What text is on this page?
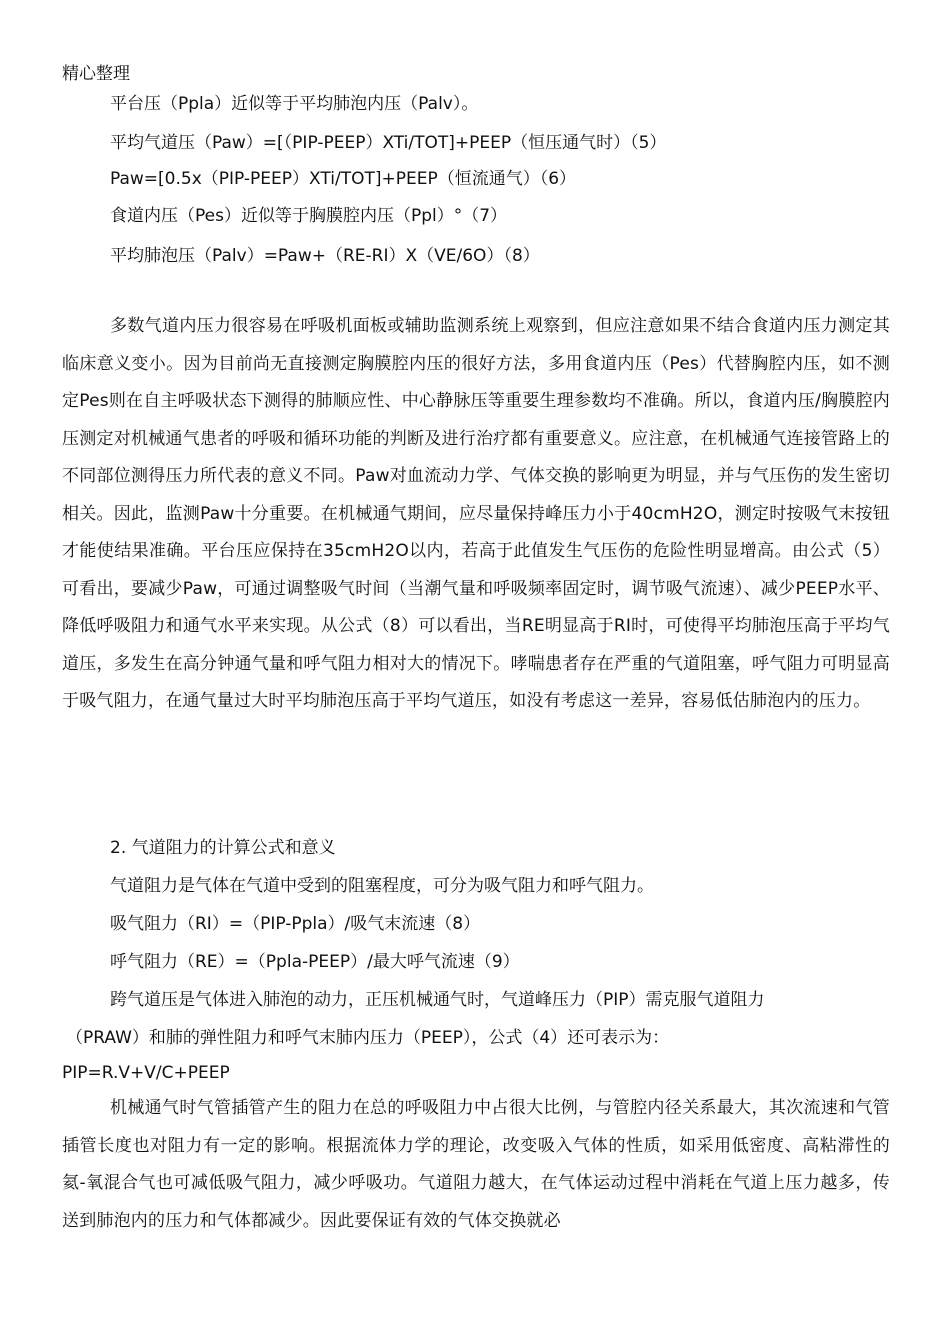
精心整理
平台压（Ppla）近似等于平均肺泡内压（Palv）。
平均气道压（Paw）=[（PIP-PEEP）XTi/TOT]+PEEP（恒压通气时）（5）
Paw=[0.5x（PIP-PEEP）XTi/TOT]+PEEP（恒流通气）（6）
食道内压（Pes）近似等于胸膜腔内压（Ppl）°（7）
平均肺泡压（Palv）=Paw+（RE-RI）X（VE/6O）（8）

多数气道内压力很容易在呼吸机面板或辅助监测系统上观察到，但应注意如果不结合食道内压力测定其临床意义变小。因为目前尚无直接测定胸膜腔内压的很好方法，多用食道内压（Pes）代替胸腔内压，如不测定Pes则在自主呼吸状态下测得的肺顺应性、中心静脉压等重要生理参数均不准确。所以，食道内压/胸膜腔内压测定对机械通气患者的呼吸和循环功能的判断及进行治疗都有重要意义。应注意，在机械通气连接管路上的不同部位测得压力所代表的意义不同。Paw对血流动力学、气体交换的影响更为明显，并与气压伤的发生密切相关。因此，监测Paw十分重要。在机械通气期间，应尽量保持峰压力小于40cmH2O，测定时按吸气末按钮才能使结果准确。平台压应保持在35cmH2O以内，若高于此值发生气压伤的危险性明显增高。由公式（5）可看出，要减少Paw，可通过调整吸气时间（当潮气量和呼吸频率固定时，调节吸气流速）、减少PEEP水平、降低呼吸阻力和通气水平来实现。从公式（8）可以看出，当RE明显高于RI时，可使得平均肺泡压高于平均气道压，多发生在高分钟通气量和呼气阻力相对大的情况下。哮喘患者存在严重的气道阻塞，呼气阻力可明显高于吸气阻力，在通气量过大时平均肺泡压高于平均气道压，如没有考虑这一差异，容易低估肺泡内的压力。

2. 气道阻力的计算公式和意义
气道阻力是气体在气道中受到的阻塞程度，可分为吸气阻力和呼气阻力。
吸气阻力（RI）=（PIP-Ppla）/吸气末流速（8）
呼气阻力（RE）=（Ppla-PEEP）/最大呼气流速（9）
跨气道压是气体进入肺泡的动力，正压机械通气时，气道峰压力（PIP）需克服气道阻力
（PRAW）和肺的弹性阻力和呼气末肺内压力（PEEP），公式（4）还可表示为：
PIP=R.V+V/C+PEEP

机械通气时气管插管产生的阻力在总的呼吸阻力中占很大比例，与管腔内径关系最大，其次流速和气管插管长度也对阻力有一定的影响。根据流体力学的理论，改变吸入气体的性质，如采用低密度、高粘滞性的氦-氧混合气也可减低吸气阻力，减少呼吸功。气道阻力越大，在气体运动过程中消耗在气道上压力越多，传送到肺泡内的压力和气体都减少。因此要保证有效的气体交换就必
